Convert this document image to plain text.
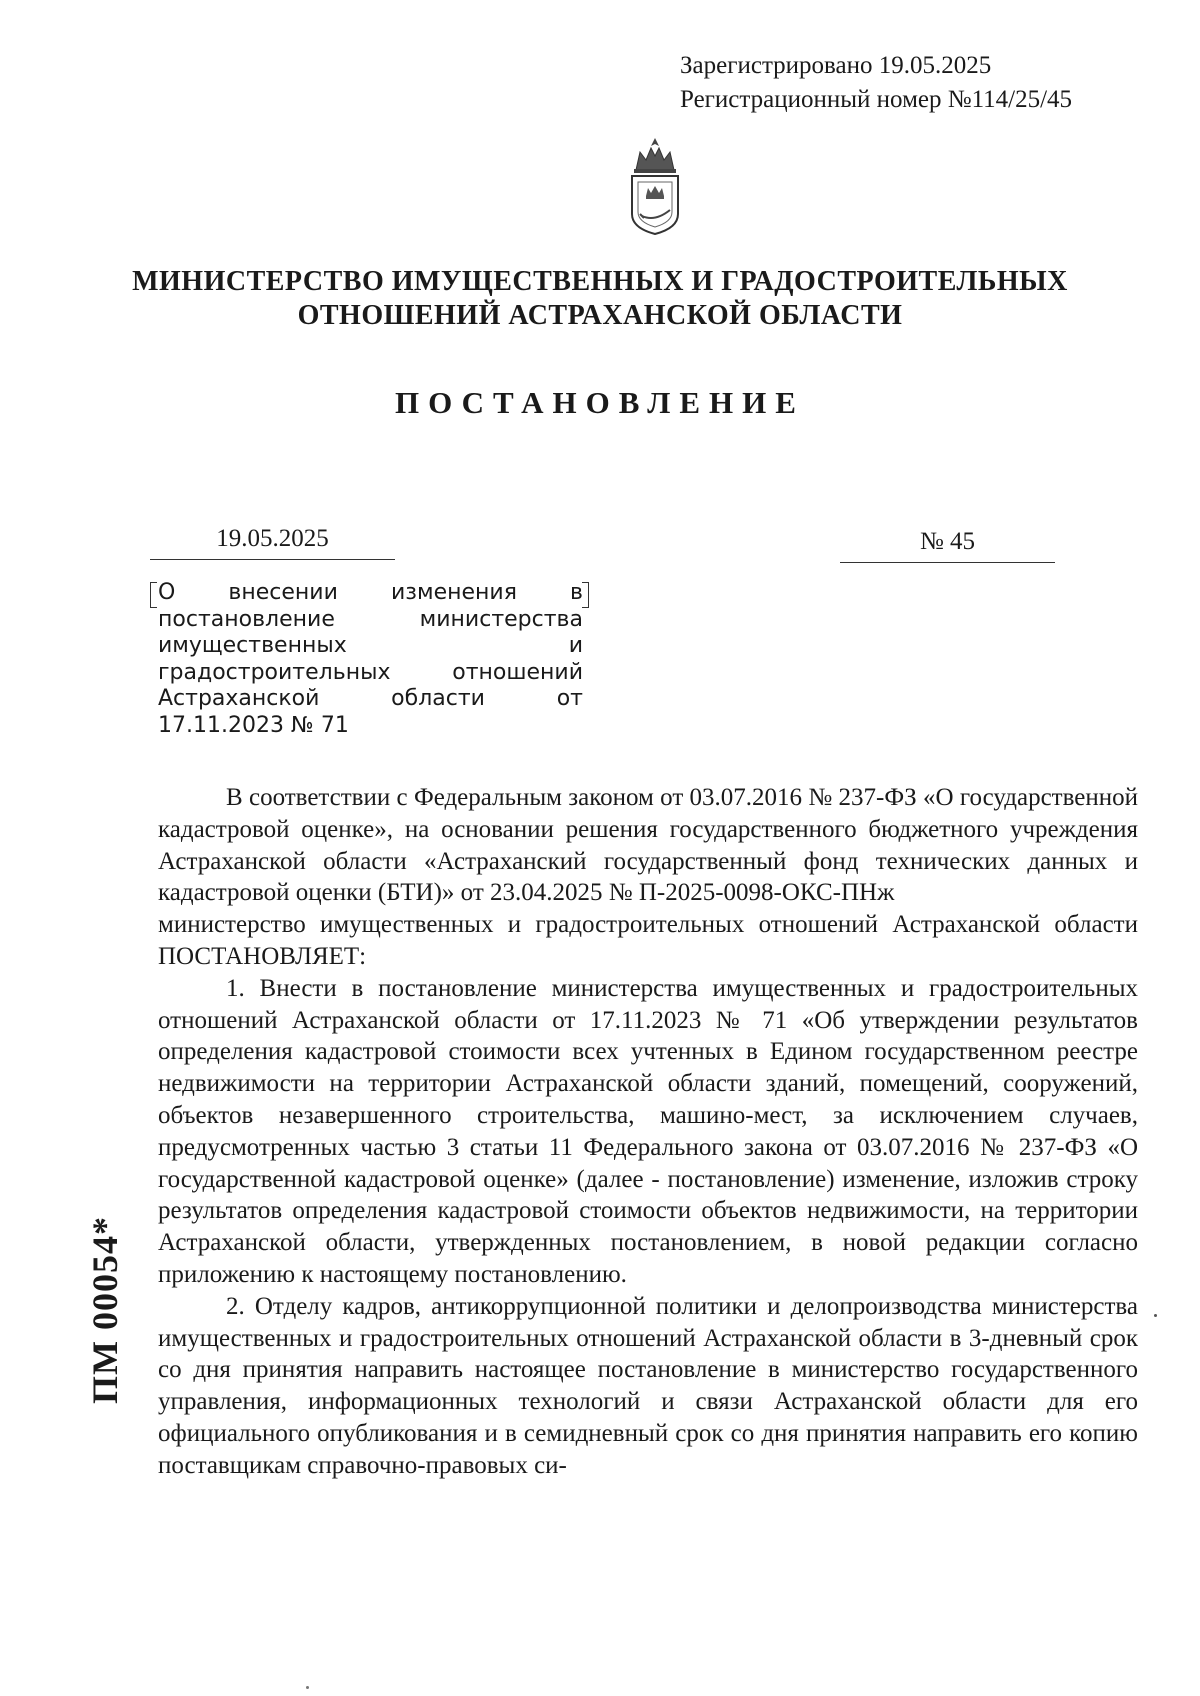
Зарегистрировано 19.05.2025
Регистрационный номер №114/25/45
МИНИСТЕРСТВО ИМУЩЕСТВЕННЫХ И ГРАДОСТРОИТЕЛЬНЫХ
ОТНОШЕНИЙ АСТРАХАНСКОЙ ОБЛАСТИ
ПОСТАНОВЛЕНИЕ
19.05.2025	№ 45
О внесении изменения в постановление министерства имущественных и градостроительных отношений Астраханской области от 17.11.2023 № 71

В соответствии с Федеральным законом от 03.07.2016 № 237-ФЗ «О государственной кадастровой оценке», на основании решения государственного бюджетного учреждения Астраханской области «Астраханский государственный фонд технических данных и кадастровой оценки (БТИ)» от 23.04.2025 № П-2025-0098-ОКС-ПНж

министерство имущественных и градостроительных отношений Астраханской области ПОСТАНОВЛЯЕТ:

1. Внести в постановление министерства имущественных и градостроительных отношений Астраханской области от 17.11.2023 № 71 «Об утверждении результатов определения кадастровой стоимости всех учтенных в Едином государственном реестре недвижимости на территории Астраханской области зданий, помещений, сооружений, объектов незавершенного строительства, машино-мест, за исключением случаев, предусмотренных частью 3 статьи 11 Федерального закона от 03.07.2016 № 237-ФЗ «О государственной кадастровой оценке» (далее - постановление) изменение, изложив строку результатов определения кадастровой стоимости объектов недвижимости, на территории Астраханской области, утвержденных постановлением, в новой редакции согласно приложению к настоящему постановлению.

2. Отделу кадров, антикоррупционной политики и делопроизводства министерства имущественных и градостроительных отношений Астраханской области в 3-дневный срок со дня принятия направить настоящее постановление в министерство государственного управления, информационных технологий и связи Астраханской области для его официального опубликования и в семидневный срок со дня принятия направить его копию поставщикам справочно-правовых си-

ПМ 00054*
